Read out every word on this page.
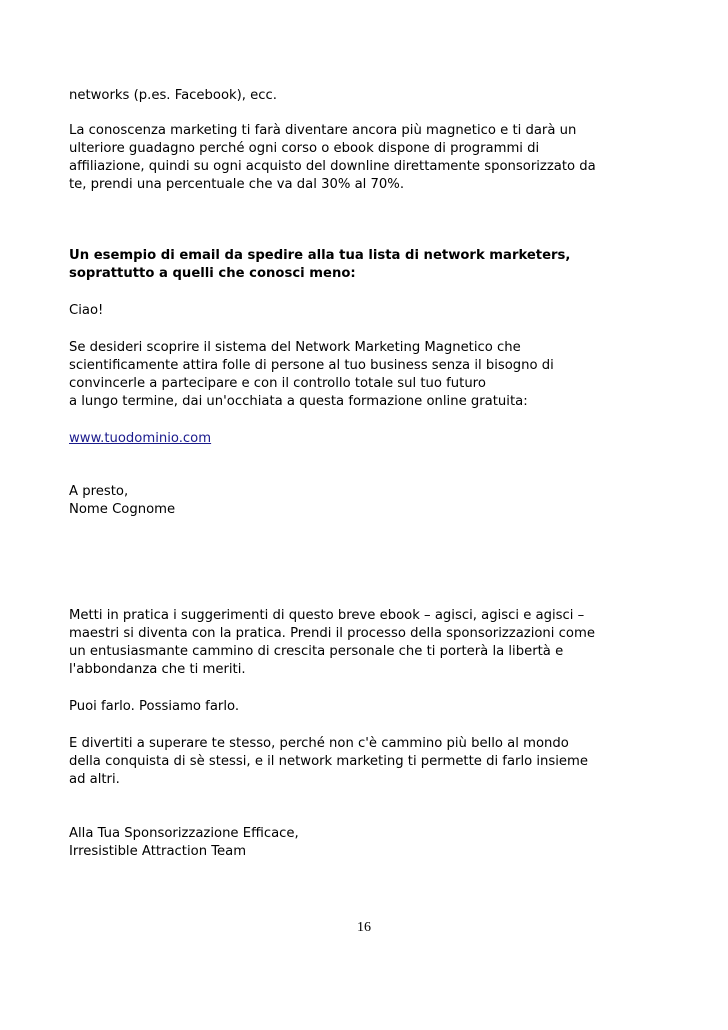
networks (p.es. Facebook), ecc.
La conoscenza marketing ti farà diventare ancora più magnetico e ti darà un
ulteriore guadagno perché ogni corso o ebook dispone di programmi di
affiliazione, quindi su ogni acquisto del downline direttamente sponsorizzato da
te, prendi una percentuale che va dal 30% al 70%.
Un esempio di email da spedire alla tua lista di network marketers,
soprattutto a quelli che conosci meno:
Ciao!
Se desideri scoprire il sistema del Network Marketing Magnetico che
scientificamente attira folle di persone al tuo business senza il bisogno di
convincerle a partecipare e con il controllo totale sul tuo futuro
a lungo termine, dai un'occhiata a questa formazione online gratuita:
www.tuodominio.com
A presto,
Nome Cognome
Metti in pratica i suggerimenti di questo breve ebook – agisci, agisci e agisci –
maestri si diventa con la pratica. Prendi il processo della sponsorizzazioni come
un entusiasmante cammino di crescita personale che ti porterà la libertà e
l'abbondanza che ti meriti.
Puoi farlo. Possiamo farlo.
E divertiti a superare te stesso, perché non c'è cammino più bello al mondo
della conquista di sè stessi, e il network marketing ti permette di farlo insieme
ad altri.
Alla Tua Sponsorizzazione Efficace,
Irresistible Attraction Team
16
